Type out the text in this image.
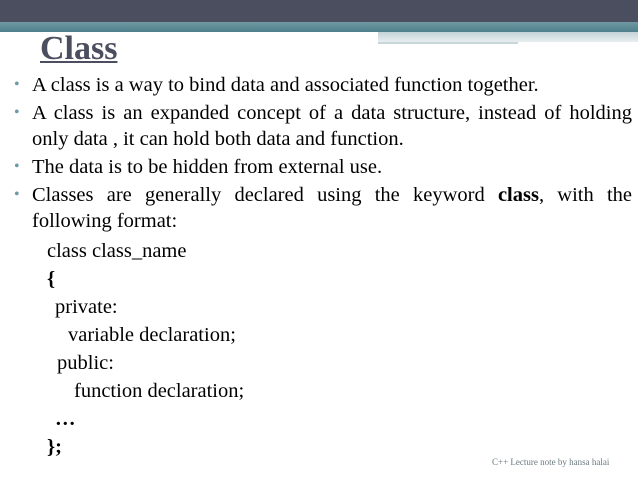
Class
• A class is a way to bind data and associated function together.
• A class is an expanded concept of a data structure, instead of holding only data , it can hold both data and function.
• The data is to be hidden from external use.
• Classes are generally declared using the keyword class, with the following format:
class class_name
{
private:
variable declaration;
public:
function declaration;
…
};
C++ Lecture note by hansa halai
